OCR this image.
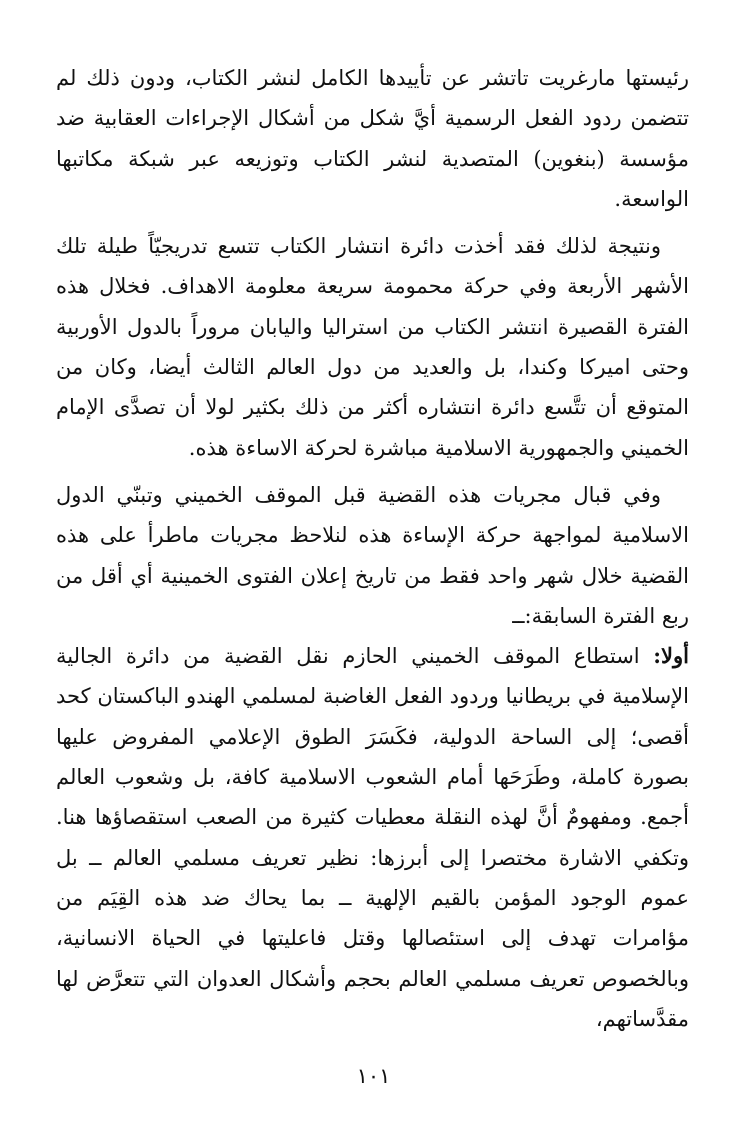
رئيستها مارغريت تاتشر عن تأييدها الكامل لنشر الكتاب، ودون ذلك لم تتضمن ردود الفعل الرسمية أيَّ شكل من أشكال الإجراءات العقابية ضد مؤسسة (بنغوين) المتصدية لنشر الكتاب وتوزيعه عبر شبكة مكاتبها الواسعة.

ونتيجة لذلك فقد أخذت دائرة انتشار الكتاب تتسع تدريجيّاً طيلة تلك الأشهر الأربعة وفي حركة محمومة سريعة معلومة الاهداف. فخلال هذه الفترة القصيرة انتشر الكتاب من استراليا واليابان مروراً بالدول الأوربية وحتى اميركا وكندا، بل والعديد من دول العالم الثالث أيضا، وكان من المتوقع أن تتَّسع دائرة انتشاره أكثر من ذلك بكثير لولا أن تصدَّى الإمام الخميني والجمهورية الاسلامية مباشرة لحركة الاساءة هذه.

وفي قبال مجريات هذه القضية قبل الموقف الخميني وتبنّي الدول الاسلامية لمواجهة حركة الإساءة هذه لنلاحظ مجريات ماطرأ على هذه القضية خلال شهر واحد فقط من تاريخ إعلان الفتوى الخمينية أي أقل من ربع الفترة السابقة:ــ

أولا: استطاع الموقف الخميني الحازم نقل القضية من دائرة الجالية الإسلامية في بريطانيا وردود الفعل الغاضبة لمسلمي الهندو الباكستان كحد أقصى؛ إلى الساحة الدولية، فكَسَرَ الطوق الإعلامي المفروض عليها بصورة كاملة، وطَرَحَها أمام الشعوب الاسلامية كافة، بل وشعوب العالم أجمع. ومفهومٌ أنَّ لهذه النقلة معطيات كثيرة من الصعب استقصاؤها هنا. وتكفي الاشارة مختصرا إلى أبرزها: نظير تعريف مسلمي العالم ــ بل عموم الوجود المؤمن بالقيم الإلهية ــ بما يحاك ضد هذه القِيَم من مؤامرات تهدف إلى استئصالها وقتل فاعليتها في الحياة الانسانية، وبالخصوص تعريف مسلمي العالم بحجم وأشكال العدوان التي تتعرَّض لها مقدَّساتهم،

١٠١
